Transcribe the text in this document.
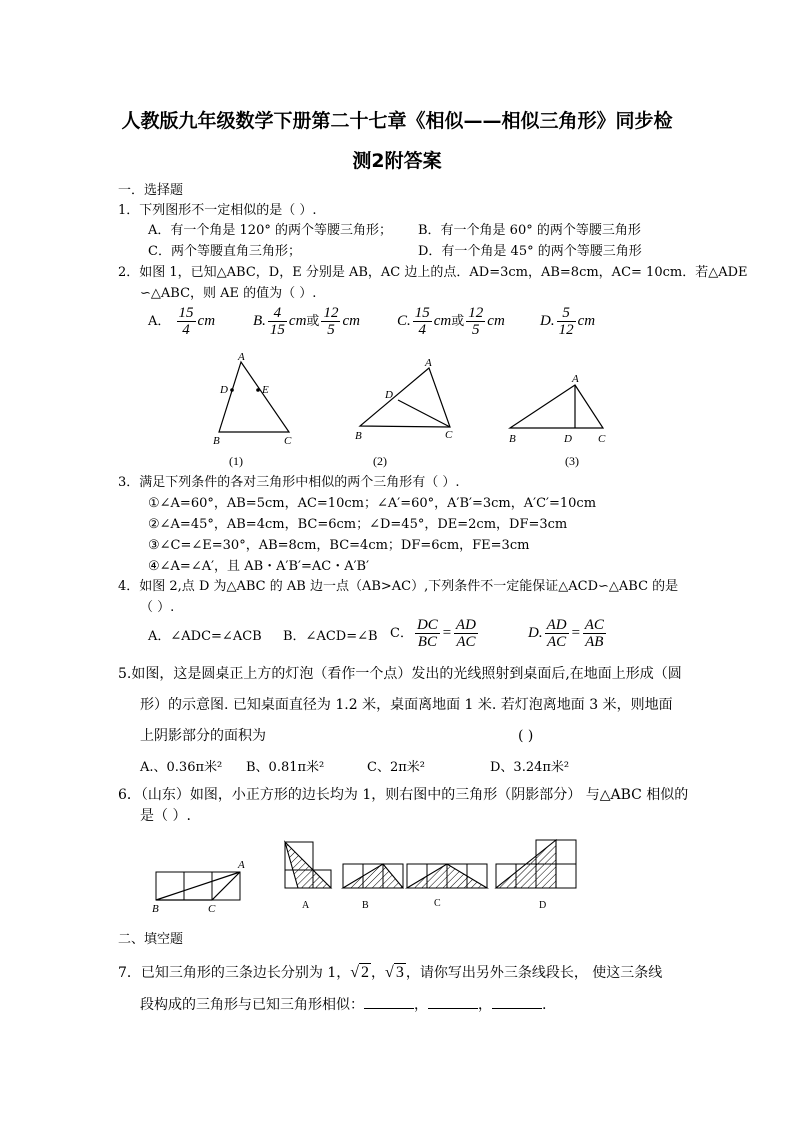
人教版九年级数学下册第二十七章《相似——相似三角形》同步检
测2附答案
一．选择题
1．下列图形不一定相似的是（ ）.
A．有一个角是 120° 的两个等腰三角形； B．有一个角是 60° 的两个等腰三角形
C．两个等腰直角三角形；	D．有一个角是 45° 的两个等腰三角形
2．如图 1，已知△ABC，D，E 分别是 AB，AC 边上的点．AD=3cm，AB=8cm，AC= 10cm．若△ADE
∽△ABC，则 AE 的值为（ ）.
A． $\frac{15}{4}$ cm	B. $\frac{4}{15}$ cm或 $\frac{12}{5}$ cm C. $\frac{15}{4}$ cm或 $\frac{12}{5}$ cm D. $\frac{5}{12}$ cm
A
D	E
B	C
(1)
A
D
B	C
(2)
A
B	D C
(3)
3．满足下列条件的各对三角形中相似的两个三角形有（ ）.
①∠A=60°，AB=5cm，AC=10cm；∠A′=60°，A′B′=3cm，A′C′=10cm
②∠A=45°，AB=4cm，BC=6cm；∠D=45°，DE=2cm，DF=3cm
③∠C=∠E=30°，AB=8cm，BC=4cm；DF=6cm，FE=3cm
④∠A=∠A′，且 AB・A′B′=AC・A′B′
4．如图 2,点 D 为△ABC 的 AB 边一点（AB>AC）,下列条件不一定能保证△ACD∽△ABC 的是
（ ）.
A．∠ADC=∠ACB B．∠ACD=∠B C． $\frac{DC}{BC} = \frac{AD}{AC}$	D. $\frac{AD}{AC} = \frac{AC}{AB}$
5.如图，这是圆桌正上方的灯泡（看作一个点）发出的光线照射到桌面后,在地面上形成（圆
形）的示意图. 已知桌面直径为 1.2 米，桌面离地面 1 米. 若灯泡离地面 3 米，则地面
上阴影部分的面积为	( )
A.、0.36π米² B、0.81π米²	C、2π米²	D、3.24π米²
6．（山东）如图，小正方形的边长均为 1，则右图中的三角形（阴影部分） 与△ABC 相似的
是（ ）.
A
B	C	A	B	C	D
二、填空题
7．已知三角形的三条边长分别为 1，√ 2 ，√ 3 ，请你写出另外三条线段长， 使这三条线
段构成的三角形与已知三角形相似：	，	，	.
